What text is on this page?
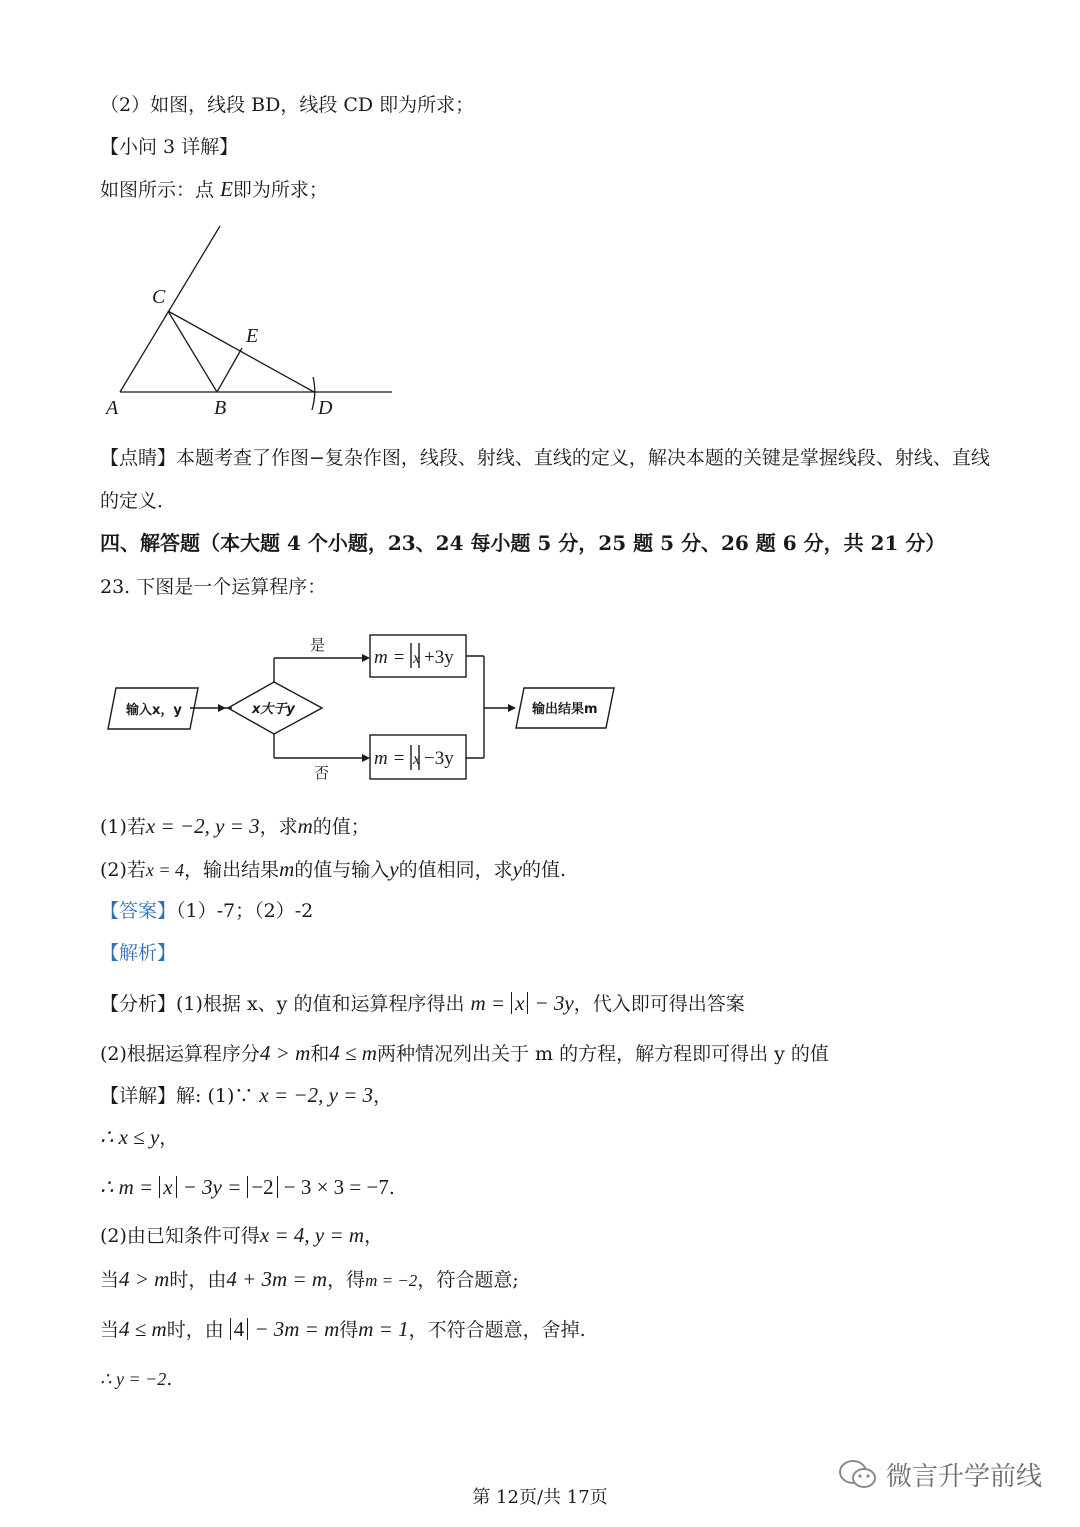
（2）如图，线段 BD，线段 CD 即为所求；
【小问 3 详解】
如图所示：点 E即为所求；
A	B
C
D
E
【点睛】本题考查了作图−复杂作图，线段、射线、直线的定义，解决本题的关键是掌握线段、射线、直线
的定义．
四、解答题（本大题 4 个小题，23、24 每小题 5 分，25 题 5 分、26 题 6 分，共 21 分）
23. 下图是一个运算程序：
输入x，y	x大于y
是
否
m = x +3y
m = x −3y
输出结果m
(1)若x = −2, y = 3，求m的值；
(2)若x = 4，输出结果m的值与输入y的值相同，求y的值.
【答案】（1）-7；（2）-2
【解析】
【分析】(1)根据 x、y 的值和运算程序得出 m = x − 3y，代入即可得出答案
(2)根据运算程序分4 > m和4 ≤ m两种情况列出关于 m 的方程，解方程即可得出 y 的值
【详解】解: (1)∵ x = −2, y = 3，
∴ x ≤ y，
∴ m = x − 3y = −2 − 3 × 3 = −7.
(2)由已知条件可得x = 4, y = m，
当4 > m时，由4 + 3m = m，得m = −2，符合题意;
当4 ≤ m时，由 4 − 3m = m得m = 1，不符合题意，舍掉.
∴ y = −2.
第 12页/共 17页
微言升学前线
